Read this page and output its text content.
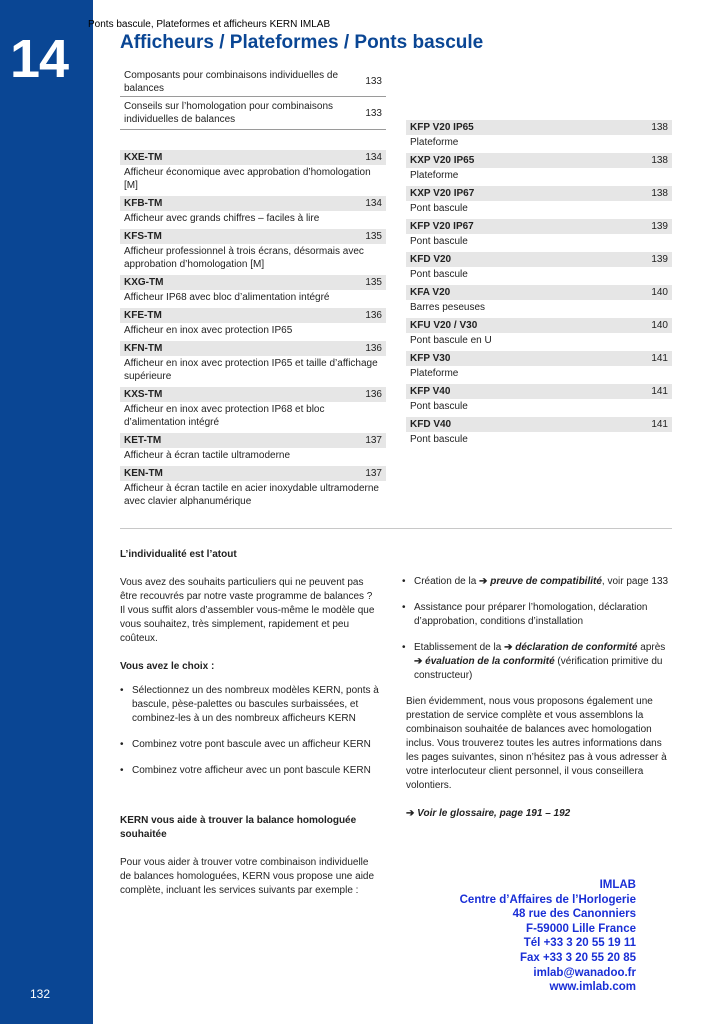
14
132
Ponts bascule, Plateformes et afficheurs KERN IMLAB
Afficheurs / Plateformes / Ponts bascule
Composants pour combinaisons individuelles de balances
133
Conseils sur l’homologation pour combinaisons individuelles de balances
133
KXE-TM	134
Afficheur économique avec approbation d’homologation [M]
KFB-TM	134
Afficheur avec grands chiffres – faciles à lire
KFS-TM	135
Afficheur professionnel à trois écrans, désormais avec approbation d’homologation [M]
KXG-TM	135
Afficheur IP68 avec bloc d’alimentation intégré
KFE-TM	136
Afficheur en inox avec protection IP65
KFN-TM	136
Afficheur en inox avec protection IP65 et taille d’affichage supérieure
KXS-TM	136
Afficheur en inox avec protection IP68 et bloc d’alimentation intégré
KET-TM	137
Afficheur à écran tactile ultramoderne
KEN-TM	137
Afficheur à écran tactile en acier inoxydable ultramoderne avec clavier alphanumérique
KFP V20 IP65	138
Plateforme
KXP V20 IP65	138
Plateforme
KXP V20 IP67	138
Pont bascule
KFP V20 IP67	139
Pont bascule
KFD V20	139
Pont bascule
KFA V20	140
Barres peseuses
KFU V20 / V30	140
Pont bascule en U
KFP V30	141
Plateforme
KFP V40	141
Pont bascule
KFD V40	141
Pont bascule

L’individualité est l’atout

Vous avez des souhaits particuliers qui ne peuvent pas être recouvrés par notre vaste programme de balances ? Il vous suffit alors d’assembler vous-même le modèle que vous souhaitez, très simplement, rapidement et peu coûteux.

Vous avez le choix :

• Sélectionnez un des nombreux modèles KERN, ponts à bascule, pèse-palettes ou bascules surbaissées, et combinez-les à un des nombreux afficheurs KERN
• Combinez votre pont bascule avec un afficheur KERN
• Combinez votre afficheur avec un pont bascule KERN

KERN vous aide à trouver la balance homologuée souhaitée

Pour vous aider à trouver votre combinaison individuelle de balances homologuées, KERN vous propose une aide complète, incluant les services suivants par exemple :

• Création de la ➔ preuve de compatibilité, voir page 133
• Assistance pour préparer l’homologation, déclaration d’approbation, conditions d’installation
• Etablissement de la ➔ déclaration de conformité après
➔ évaluation de la conformité (vérification primitive du constructeur)

Bien évidemment, nous vous proposons également une prestation de service complète et vous assemblons la combinaison souhaitée de balances avec homologation inclus. Vous trouverez toutes les autres informations dans les pages suivantes, sinon n’hésitez pas à vous adresser à votre interlocuteur client personnel, il vous conseillera volontiers.

➔ Voir le glossaire, page 191 – 192

IMLAB
Centre d’Affaires de l’Horlogerie
48 rue des Canonniers
F-59000 Lille France
Tél +33 3 20 55 19 11
Fax +33 3 20 55 20 85
imlab@wanadoo.fr
www.imlab.com
